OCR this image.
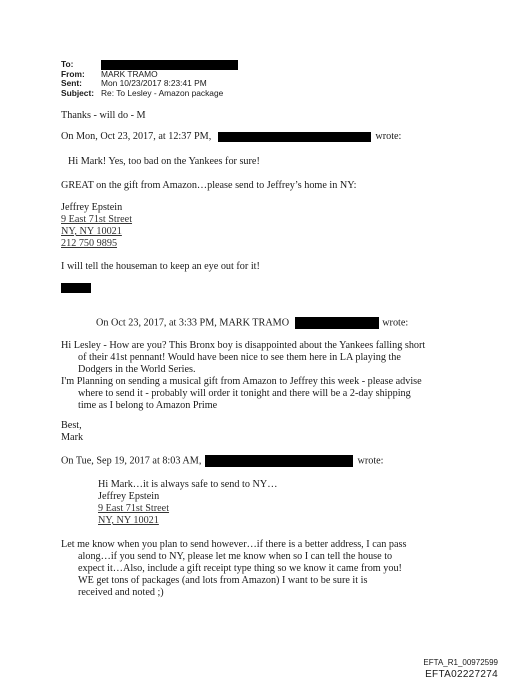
To:
From:	MARK TRAMO
Sent:	Mon 10/23/2017 8:23:41 PM
Subject: Re: To Lesley - Amazon package
Thanks - will do - M
On Mon, Oct 23, 2017, at 12:37 PM,	wrote:
Hi Mark! Yes, too bad on the Yankees for sure!
GREAT on the gift from Amazon…please send to Jeffrey’s home in NY:
Jeffrey Epstein
9 East 71st Street
NY, NY 10021
212 750 9895
I will tell the houseman to keep an eye out for it!
On Oct 23, 2017, at 3:33 PM, MARK TRAMO	wrote:
Hi Lesley - How are you? This Bronx boy is disappointed about the Yankees falling short
of their 41st pennant! Would have been nice to see them here in LA playing the
Dodgers in the World Series.
I'm Planning on sending a musical gift from Amazon to Jeffrey this week - please advise
where to send it - probably will order it tonight and there will be a 2-day shipping
time as I belong to Amazon Prime
Best,
Mark
On Tue, Sep 19, 2017 at 8:03 AM,	wrote:
Hi Mark…it is always safe to send to NY…
Jeffrey Epstein
9 East 71st Street
NY, NY 10021
Let me know when you plan to send however…if there is a better address, I can pass
along…if you send to NY, please let me know when so I can tell the house to
expect it…Also, include a gift receipt type thing so we know it came from you!
WE get tons of packages (and lots from Amazon) I want to be sure it is
received and noted ;)
EFTA_R1_00972599
EFTA02227274
